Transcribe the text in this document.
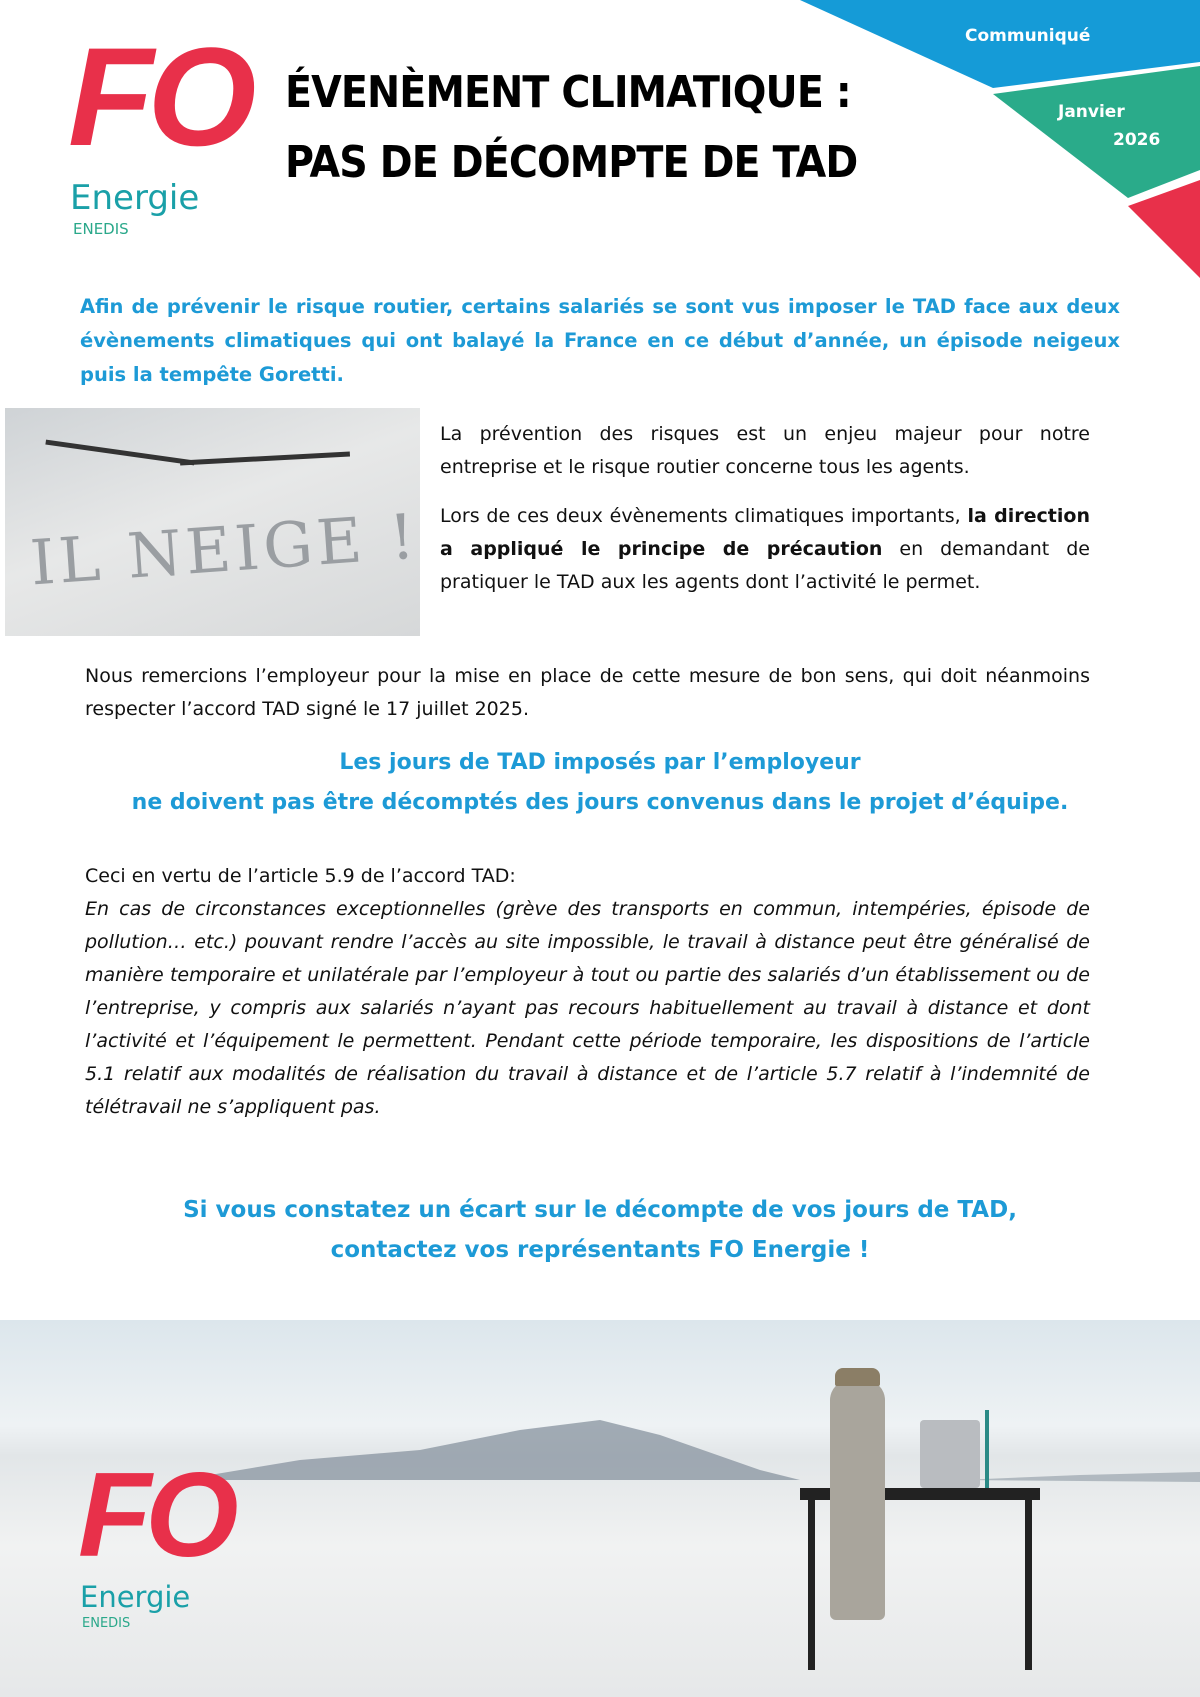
Communiqué
Janvier
2026
FO
Energie
ENEDIS
ÉVENÈMENT CLIMATIQUE :
PAS DE DÉCOMPTE DE TAD
Afin de prévenir le risque routier, certains salariés se sont vus imposer le TAD face aux deux évènements climatiques qui ont balayé la France en ce début d’année, un épisode neigeux puis la tempête Goretti.
IL NEIGE !
La prévention des risques est un enjeu majeur pour notre entreprise et le risque routier concerne tous les agents.
Lors de ces deux évènements climatiques importants, la direction a appliqué le principe de précaution en demandant de pratiquer le TAD aux les agents dont l’activité le permet.
Nous remercions l’employeur pour la mise en place de cette mesure de bon sens, qui doit néanmoins respecter l’accord TAD signé le 17 juillet 2025.
Les jours de TAD imposés par l’employeur
ne doivent pas être décomptés des jours convenus dans le projet d’équipe.
Ceci en vertu de l’article 5.9 de l’accord TAD:
En cas de circonstances exceptionnelles (grève des transports en commun, intempéries, épisode de pollution… etc.) pouvant rendre l’accès au site impossible, le travail à distance peut être généralisé de manière temporaire et unilatérale par l’employeur à tout ou partie des salariés d’un établissement ou de l’entreprise, y compris aux salariés n’ayant pas recours habituellement au travail à distance et dont l’activité et l’équipement le permettent. Pendant cette période temporaire, les dispositions de l’article 5.1 relatif aux modalités de réalisation du travail à distance et de l’article 5.7 relatif à l’indemnité de télétravail ne s’appliquent pas.
Si vous constatez un écart sur le décompte de vos jours de TAD,
contactez vos représentants FO Energie !
FO
Energie
ENEDIS
